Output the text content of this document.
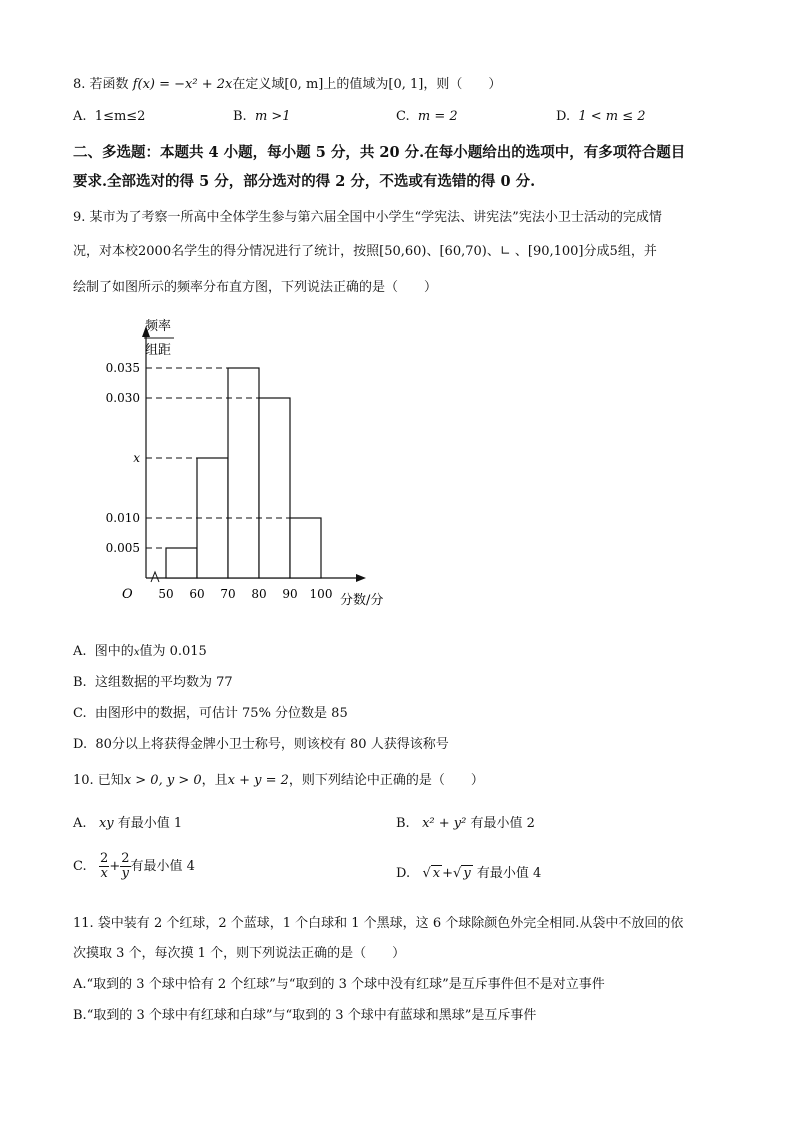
8. 若函数 f(x) = −x² + 2x在定义域[0, m]上的值域为[0, 1]，则（　　）
A. 1≤m≤2	B. m >1	C. m = 2	D. 1 < m ≤ 2
二、多选题：本题共 4 小题，每小题 5 分，共 20 分.在每小题给出的选项中，有多项符合题目
要求.全部选对的得 5 分，部分选对的得 2 分，不选或有选错的得 0 分.
9. 某市为了考察一所高中全体学生参与第六届全国中小学生“学宪法、讲宪法”宪法小卫士活动的完成情
况，对本校2000名学生的得分情况进行了统计，按照[50,60)、[60,70)、∟ 、[90,100]分成5组，并
绘制了如图所示的频率分布直方图，下列说法正确的是（　　）
0.035
0.030
x
0.010
0.005
50 60 70 80 90 100
O	分数/分
频率
组距
A. 图中的x值为 0.015
B. 这组数据的平均数为 77
C. 由图形中的数据，可估计 75% 分位数是 85
D.  80分以上将获得金牌小卫士称号，则该校有 80 人获得该称号
10. 已知x > 0, y > 0，且x + y = 2，则下列结论中正确的是（　　）
A. xy 有最小值 1	B. x² + y² 有最小值 2
C. $\frac{2}{x} + \frac{2}{y}$ 有最小值 4	D. √ x +√ y 有最小值 4
11. 袋中装有 2 个红球，2 个蓝球，1 个白球和 1 个黑球，这 6 个球除颜色外完全相同.从袋中不放回的依
次摸取 3 个，每次摸 1 个，则下列说法正确的是（　　）
A.“取到的 3 个球中恰有 2 个红球”与“取到的 3 个球中没有红球”是互斥事件但不是对立事件
B.“取到的 3 个球中有红球和白球”与“取到的 3 个球中有蓝球和黑球”是互斥事件
